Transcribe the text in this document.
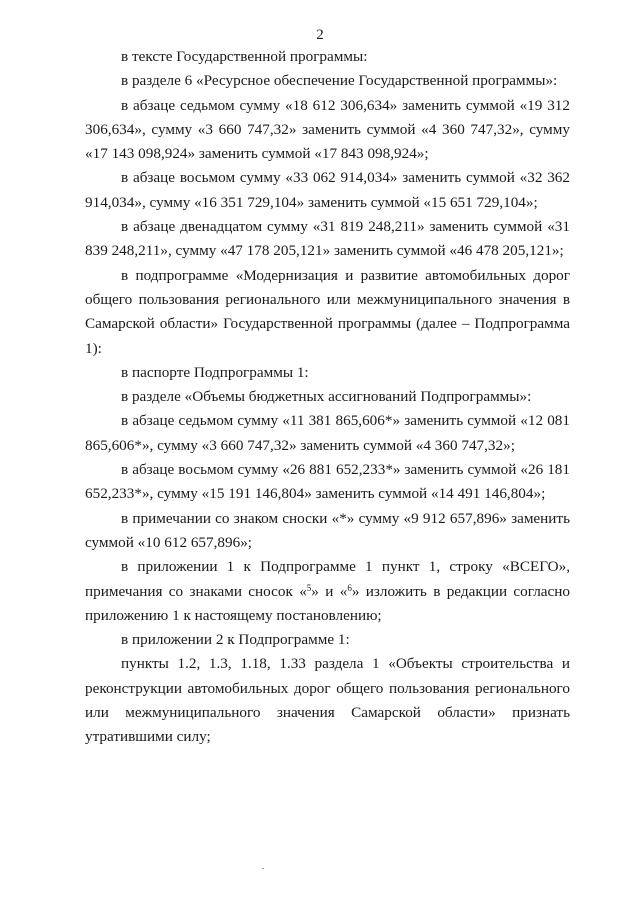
2

в тексте Государственной программы:

в разделе 6 «Ресурсное обеспечение Государственной программы»:

в абзаце седьмом сумму «18 612 306,634» заменить суммой «19 312 306,634», сумму «3 660 747,32» заменить суммой «4 360 747,32», сумму «17 143 098,924» заменить суммой «17 843 098,924»;

в абзаце восьмом сумму «33 062 914,034» заменить суммой «32 362 914,034», сумму «16 351 729,104» заменить суммой «15 651 729,104»;

в абзаце двенадцатом сумму «31 819 248,211» заменить суммой «31 839 248,211», сумму «47 178 205,121» заменить суммой «46 478 205,121»;

в подпрограмме «Модернизация и развитие автомобильных дорог общего пользования регионального или межмуниципального значения в Самарской области» Государственной программы (далее – Подпрограмма 1):

в паспорте Подпрограммы 1:

в разделе «Объемы бюджетных ассигнований Подпрограммы»:

в абзаце седьмом сумму «11 381 865,606*» заменить суммой «12 081 865,606*», сумму «3 660 747,32» заменить суммой «4 360 747,32»;

в абзаце восьмом сумму «26 881 652,233*» заменить суммой «26 181 652,233*», сумму «15 191 146,804» заменить суммой «14 491 146,804»;

в примечании со знаком сноски «*» сумму «9 912 657,896» заменить суммой «10 612 657,896»;

в приложении 1 к Подпрограмме 1 пункт 1, строку «ВСЕГО», примечания со знаками сносок «$^5$» и «$^6$» изложить в редакции согласно приложению 1 к настоящему постановлению;

в приложении 2 к Подпрограмме 1:

пункты 1.2, 1.3, 1.18, 1.33 раздела 1 «Объекты строительства и реконструкции автомобильных дорог общего пользования регионального или межмуниципального значения Самарской области» признать утратившими силу;
